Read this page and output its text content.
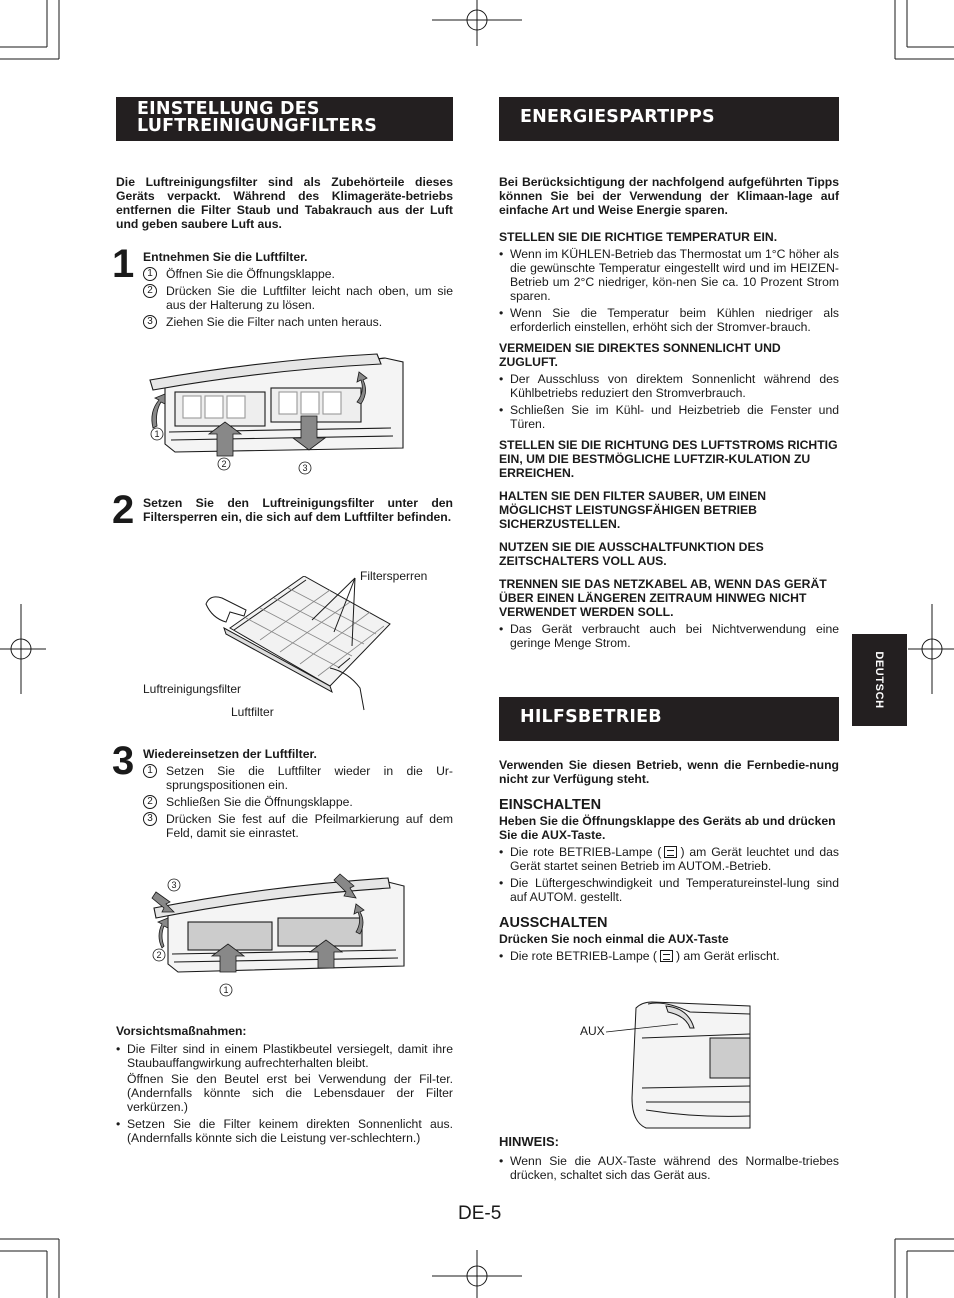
EINSTELLUNG DES
LUFTREINIGUNGFILTERS

Die Luftreinigungsfilter sind als Zubehörteile dieses Geräts verpackt. Während des Klimageräte-betriebs entfernen die Filter Staub und Tabakrauch aus der Luft und geben saubere Luft aus.

1 Entnehmen Sie die Luftfilter.
1	Öffnen Sie die Öffnungsklappe.
2	Drücken Sie die Luftfilter leicht nach oben, um sie aus der Halterung zu lösen.
3	Ziehen Sie die Filter nach unten heraus.
1
2	3
2 Setzen Sie den Luftreinigungsfilter unter den Filtersperren ein, die sich auf dem Luftfilter befinden.
Filtersperren
Luftreinigungsfilter
Luftfilter
3 Wiedereinsetzen der Luftfilter.
1	Setzen Sie die Luftfilter wieder in die Ur-sprungspositionen ein.
2	Schließen Sie die Öffnungsklappe.
3	Drücken Sie fest auf die Pfeilmarkierung auf dem Feld, damit sie einrastet.
3
2
1
Vorsichtsmaßnahmen:
• Die Filter sind in einem Plastikbeutel versiegelt, damit ihre Staubauffangwirkung aufrechterhalten bleibt.
Öffnen Sie den Beutel erst bei Verwendung der Fil-ter. (Andernfalls könnte sich die Lebensdauer der Filter verkürzen.)
• Setzen Sie die Filter keinem direkten Sonnenlicht aus. (Andernfalls könnte sich die Leistung ver-schlechtern.)
ENERGIESPARTIPPS

Bei Berücksichtigung der nachfolgend aufgeführten Tipps können Sie bei der Verwendung der Klimaan-lage auf einfache Art und Weise Energie sparen.

STELLEN SIE DIE RICHTIGE TEMPERATUR EIN.
• Wenn im KÜHLEN-Betrieb das Thermostat um 1°C höher als die gewünschte Temperatur eingestellt wird und im HEIZEN-Betrieb um 2°C niedriger, kön-nen Sie ca. 10 Prozent Strom sparen.
• Wenn Sie die Temperatur beim Kühlen niedriger als erforderlich einstellen, erhöht sich der Stromver-brauch.
VERMEIDEN SIE DIREKTES SONNENLICHT UND ZUGLUFT.
• Der Ausschluss von direktem Sonnenlicht während des Kühlbetriebs reduziert den Stromverbrauch.
• Schließen Sie im Kühl- und Heizbetrieb die Fenster und Türen.
STELLEN SIE DIE RICHTUNG DES LUFTSTROMS RICHTIG EIN, UM DIE BESTMÖGLICHE LUFTZIR-KULATION ZU ERREICHEN.
HALTEN SIE DEN FILTER SAUBER, UM EINEN MÖGLICHST LEISTUNGSFÄHIGEN BETRIEB SICHERZUSTELLEN.
NUTZEN SIE DIE AUSSCHALTFUNKTION DES ZEITSCHALTERS VOLL AUS.
TRENNEN SIE DAS NETZKABEL AB, WENN DAS GERÄT ÜBER EINEN LÄNGEREN ZEITRAUM HINWEG NICHT VERWENDET WERDEN SOLL.
• Das Gerät verbraucht auch bei Nichtverwendung eine geringe Menge Strom.
HILFSBETRIEB

Verwenden Sie diesen Betrieb, wenn die Fernbedie-nung nicht zur Verfügung steht.

EINSCHALTEN
Heben Sie die Öffnungsklappe des Geräts ab und drücken Sie die AUX-Taste.
• Die rote BETRIEB-Lampe ( ) am Gerät leuchtet und das Gerät startet seinen Betrieb im AUTOM.-Betrieb.
• Die Lüftergeschwindigkeit und Temperatureinstel-lung sind auf AUTOM. gestellt.
AUSSCHALTEN
Drücken Sie noch einmal die AUX-Taste
• Die rote BETRIEB-Lampe ( ) am Gerät erlischt.
AUX
HINWEIS:
• Wenn Sie die AUX-Taste während des Normalbe-triebes drücken, schaltet sich das Gerät aus.
DEUTSCH
DE-5
